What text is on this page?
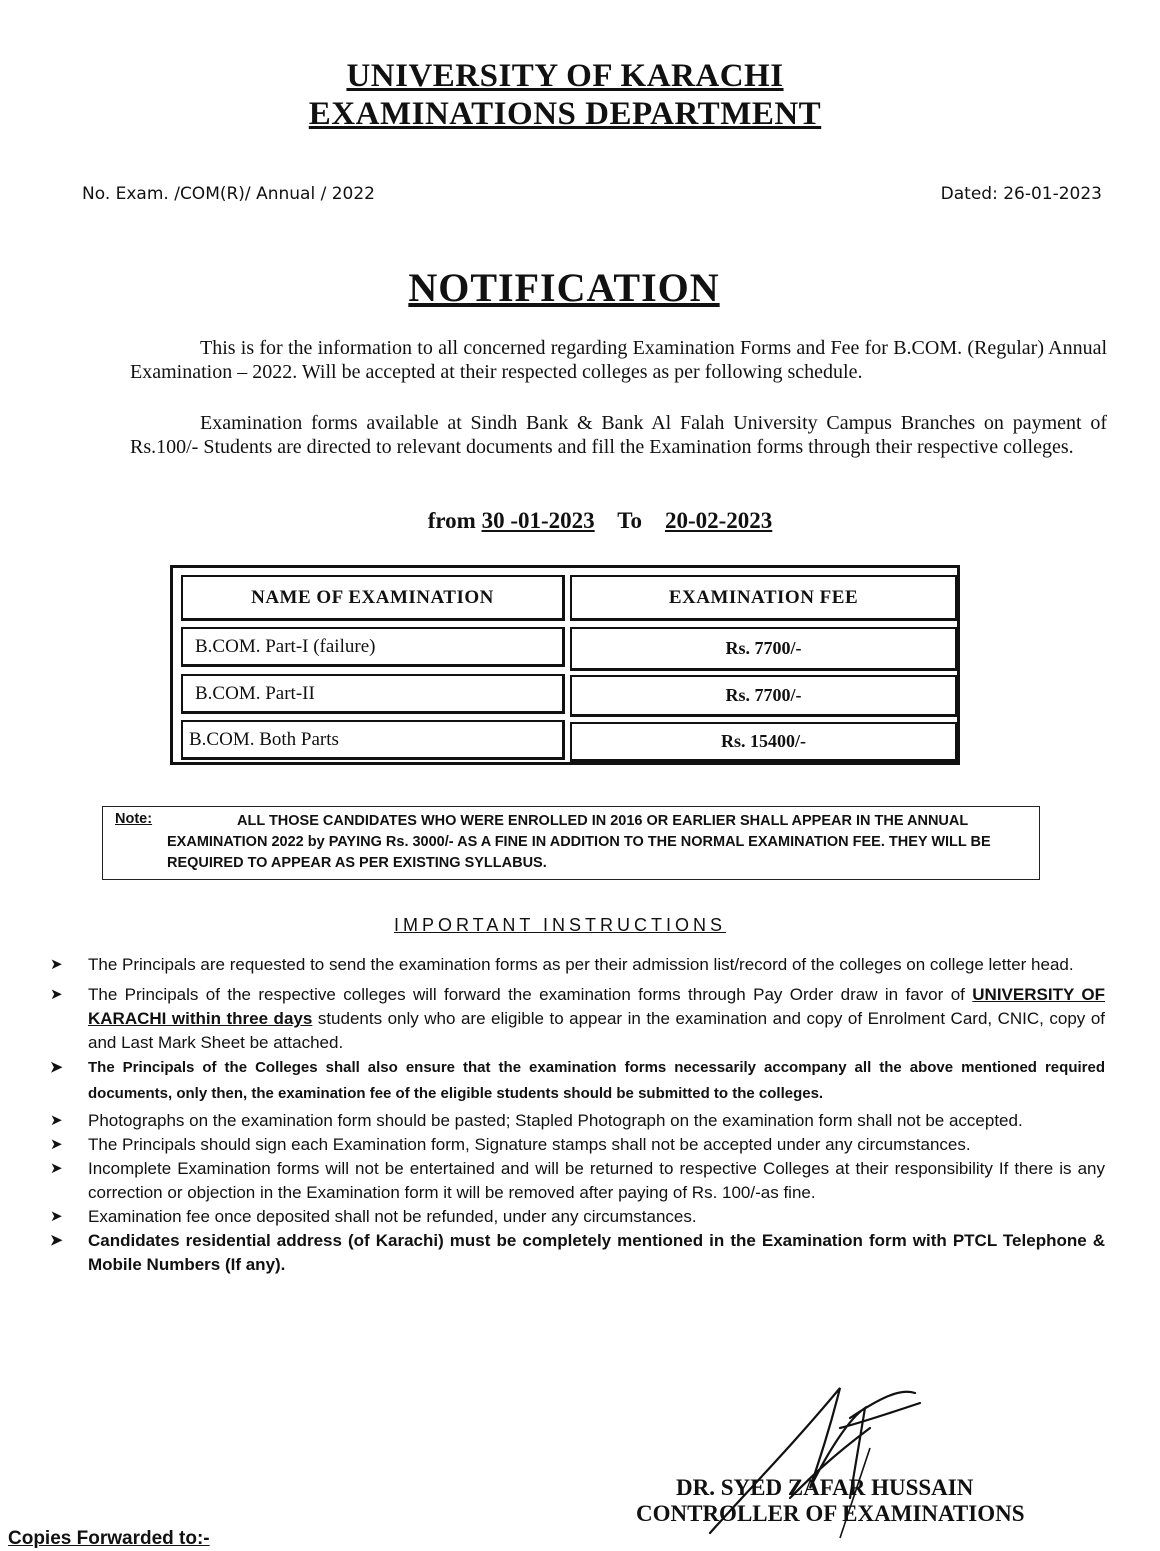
UNIVERSITY OF KARACHI
EXAMINATIONS DEPARTMENT
No. Exam. /COM(R)/ Annual / 2022	Dated: 26-01-2023
NOTIFICATION
This is for the information to all concerned regarding Examination Forms and Fee for B.COM. (Regular) Annual Examination – 2022. Will be accepted at their respected colleges as per following schedule.
Examination forms available at Sindh Bank & Bank Al Falah University Campus Branches on payment of Rs.100/- Students are directed to relevant documents and fill the Examination forms through their respective colleges.
from 30 -01-2023 To 20-02-2023
NAME OF EXAMINATION	EXAMINATION FEE
B.COM. Part-I (failure)	Rs. 7700/-
B.COM. Part-II	Rs. 7700/-
B.COM. Both Parts	Rs. 15400/-
Note:	ALL THOSE CANDIDATES WHO WERE ENROLLED IN 2016 OR EARLIER SHALL APPEAR IN THE ANNUAL EXAMINATION 2022 by PAYING Rs. 3000/- AS A FINE IN ADDITION TO THE NORMAL EXAMINATION FEE. THEY WILL BE REQUIRED TO APPEAR AS PER EXISTING SYLLABUS.
IMPORTANT INSTRUCTIONS
➤ The Principals are requested to send the examination forms as per their admission list/record of the colleges on college letter head.
➤ The Principals of the respective colleges will forward the examination forms through Pay Order draw in favor of UNIVERSITY OF KARACHI within three days students only who are eligible to appear in the examination and copy of Enrolment Card, CNIC, copy of and Last Mark Sheet be attached.
➤ The Principals of the Colleges shall also ensure that the examination forms necessarily accompany all the above mentioned required documents, only then, the examination fee of the eligible students should be submitted to the colleges.
➤ Photographs on the examination form should be pasted; Stapled Photograph on the examination form shall not be accepted.
➤ The Principals should sign each Examination form, Signature stamps shall not be accepted under any circumstances.
➤ Incomplete Examination forms will not be entertained and will be returned to respective Colleges at their responsibility If there is any correction or objection in the Examination form it will be removed after paying of Rs. 100/-as fine.
➤ Examination fee once deposited shall not be refunded, under any circumstances.
➤ Candidates residential address (of Karachi) must be completely mentioned in the Examination form with PTCL Telephone & Mobile Numbers (If any).
DR. SYED ZAFAR HUSSAIN
CONTROLLER OF EXAMINATIONS
Copies Forwarded to:-
